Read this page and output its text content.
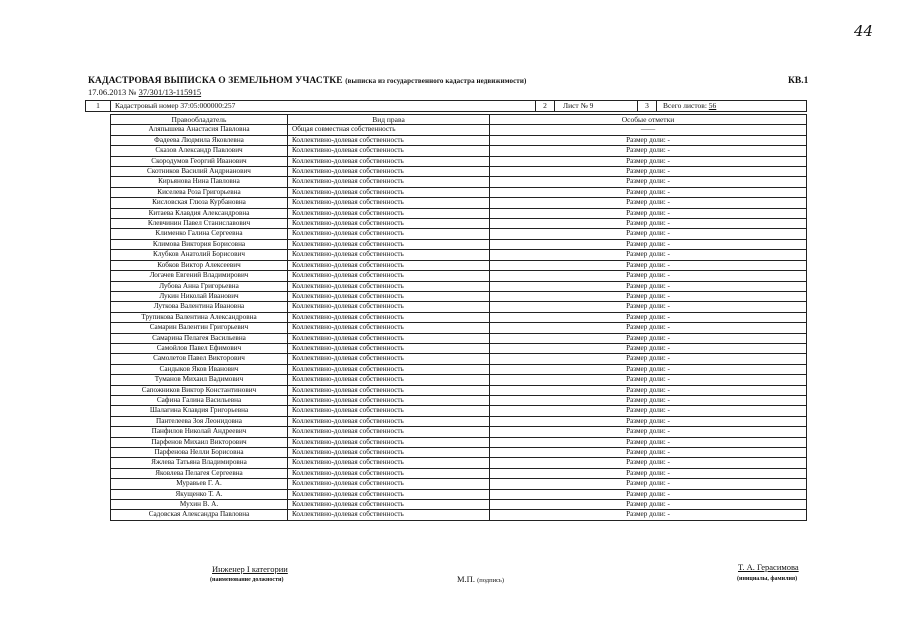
44
КАДАСТРОВАЯ ВЫПИСКА О ЗЕМЕЛЬНОМ УЧАСТКЕ (выписка из государственного кадастра недвижимости)	КВ.1
17.06.2013 № 37/301/13-115915
1	Кадастровый номер 37:05:000000:257	2	Лист № 9	3	Всего листов: 56
Правообладатель	Вид права	Особые отметки
Аляпышева Анастасия Павловна	Общая совместная собственность	——
Фадеева Людмила Яковлевна	Коллективно-долевая собственность	Размер доли: -
Сказов Александр Павлович	Коллективно-долевая собственность	Размер доли: -
Скородумов Георгий Иванович	Коллективно-долевая собственность	Размер доли: -
Скотников Василий Андрианович	Коллективно-долевая собственность	Размер доли: -
Кирьянова Нина Павловна	Коллективно-долевая собственность	Размер доли: -
Киселева Роза Григорьевна	Коллективно-долевая собственность	Размер доли: -
Кисловская Глюза Курбановна	Коллективно-долевая собственность	Размер доли: -
Китаева Клавдия Александровна	Коллективно-долевая собственность	Размер доли: -
Клевчинин Павел Станиславович	Коллективно-долевая собственность	Размер доли: -
Клименко Галина Сергеевна	Коллективно-долевая собственность	Размер доли: -
Климова Виктория Борисовна	Коллективно-долевая собственность	Размер доли: -
Клубков Анатолий Борисович	Коллективно-долевая собственность	Размер доли: -
Кобков Виктор Алексеевич	Коллективно-долевая собственность	Размер доли: -
Логачев Евгений Владимирович	Коллективно-долевая собственность	Размер доли: -
Лубова Анна Григорьевна	Коллективно-долевая собственность	Размер доли: -
Лукин Николай Иванович	Коллективно-долевая собственность	Размер доли: -
Луткова Валентина Ивановна	Коллективно-долевая собственность	Размер доли: -
Трупикова Валентина Александровна	Коллективно-долевая собственность	Размер доли: -
Самарин Валентин Григорьевич	Коллективно-долевая собственность	Размер доли: -
Самарина Пелагея Васильевна	Коллективно-долевая собственность	Размер доли: -
Самойлов Павел Ефимович	Коллективно-долевая собственность	Размер доли: -
Самолетов Павел Викторович	Коллективно-долевая собственность	Размер доли: -
Сандыков Яков Иванович	Коллективно-долевая собственность	Размер доли: -
Туманов Михаил Вадимович	Коллективно-долевая собственность	Размер доли: -
Сапожников Виктор Константинович	Коллективно-долевая собственность	Размер доли: -
Сафина Галина Васильевна	Коллективно-долевая собственность	Размер доли: -
Шалагина Клавдия Григорьевна	Коллективно-долевая собственность	Размер доли: -
Пантелеева Зоя Леонидовна	Коллективно-долевая собственность	Размер доли: -
Панфилов Николай Андреевич	Коллективно-долевая собственность	Размер доли: -
Парфенов Михаил Викторович	Коллективно-долевая собственность	Размер доли: -
Парфенова Нелли Борисовна	Коллективно-долевая собственность	Размер доли: -
Яжлева Татьяна Владимировна	Коллективно-долевая собственность	Размер доли: -
Яковлева Пелагея Сергеевна	Коллективно-долевая собственность	Размер доли: -
Муравьев Г. А.	Коллективно-долевая собственность	Размер доли: -
Якущенко Т. А.	Коллективно-долевая собственность	Размер доли: -
Мухин В. А.	Коллективно-долевая собственность	Размер доли: -
Садовская Александра Павловна	Коллективно-долевая собственность	Размер доли: -
Инженер I категории
(наименование должности)	М.П. (подпись)
Т. А. Герасимова
(инициалы, фамилия)
